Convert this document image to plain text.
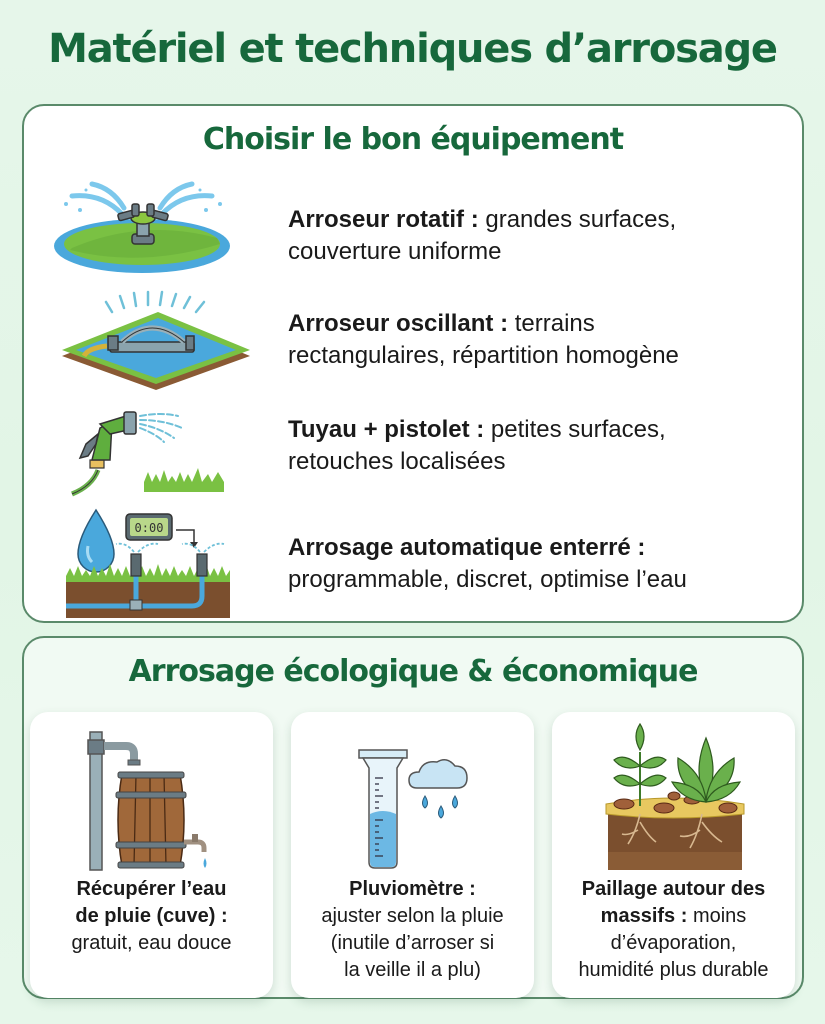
Matériel et techniques d’arrosage
Choisir le bon équipement
Arroseur rotatif : grandes surfaces,
couverture uniforme
Arroseur oscillant : terrains
rectangulaires, répartition homogène
Tuyau + pistolet : petites surfaces,
retouches localisées
0:00
Arrosage automatique enterré :
programmable, discret, optimise l’eau
Arrosage écologique & économique
Récupérer l’eau
de pluie (cuve) :
gratuit, eau douce
Pluviomètre :
ajuster selon la pluie
(inutile d’arroser si
la veille il a plu)
Paillage autour des
massifs : moins
d’évaporation,
humidité plus durable
